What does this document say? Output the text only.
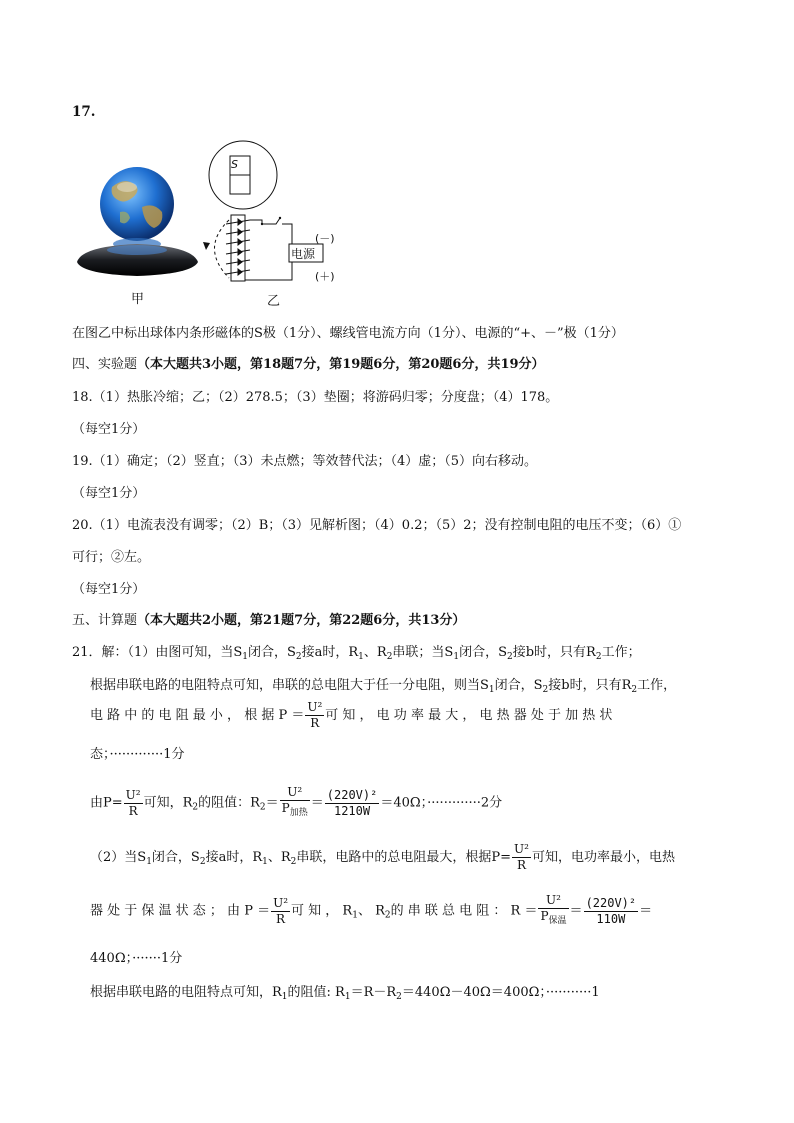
17.
甲
S
电源
(－)
(＋)
乙
在图乙中标出球体内条形磁体的S极（1分）、螺线管电流方向（1分）、电源的“+、－”极（1分）
四、实验题（本大题共3小题，第18题7分，第19题6分，第20题6分，共19分）
18.（1）热胀冷缩；乙；（2）278.5；（3）垫圈；将游码归零；分度盘；（4）178。
（每空1分）
19.（1）确定；（2）竖直；（3）未点燃；等效替代法；（4）虚；（5）向右移动。
（每空1分）
20.（1）电流表没有调零；（2）B；（3）见解析图；（4）0.2；（5）2；没有控制电阻的电压不变；（6）①
可行；②左。
（每空1分）
五、计算题（本大题共2小题，第21题7分，第22题6分，共13分）
21．解：（1）由图可知，当$S_1$闭合，$S_2$接a时，$R_1$、$R_2$串联；当$S_1$闭合，$S_2$接b时，只有$R_2$工作；
根据串联电路的电阻特点可知，串联的总电阻大于任一分电阻，则当$S_1$闭合，$S_2$接b时，只有$R_2$工作，
电 路 中 的 电 阻 最 小 ， 根 据 $P = \frac{\text{U²}}{R}$ 可 知 ， 电 功 率 最 大 ， 电 热 器 处 于 加 热 状
态；·············1分
由$P= \frac{\text{U²}}{R}$ 可知，$R_2$的阻值：$R_2= \frac{\text{U²}}{P_{加热}} = \frac{\text{(220V)²}}{1210W} =40\Omega$；·············2分
（2）当$S_1$闭合，$S_2$接a时，$R_1$、$R_2$串联，电路中的总电阻最大，根据$P= \frac{\text{U²}}{R}$ 可知，电功率最小，电热
器 处 于 保 温 状 态 ； 由 $P = \frac{\text{U²}}{R}$ 可 知 ， $R_1$、 $R_2$的 串 联 总 电 阻 ： $R = \frac{\text{U²}}{P_{保温}} = \frac{\text{(220V)²}}{110W}$ ＝
440Ω；·······1分
根据串联电路的电阻特点可知，$R_1$的阻值: $R_1=R-R_2=440\Omega-40\Omega=400\Omega$；···········1
